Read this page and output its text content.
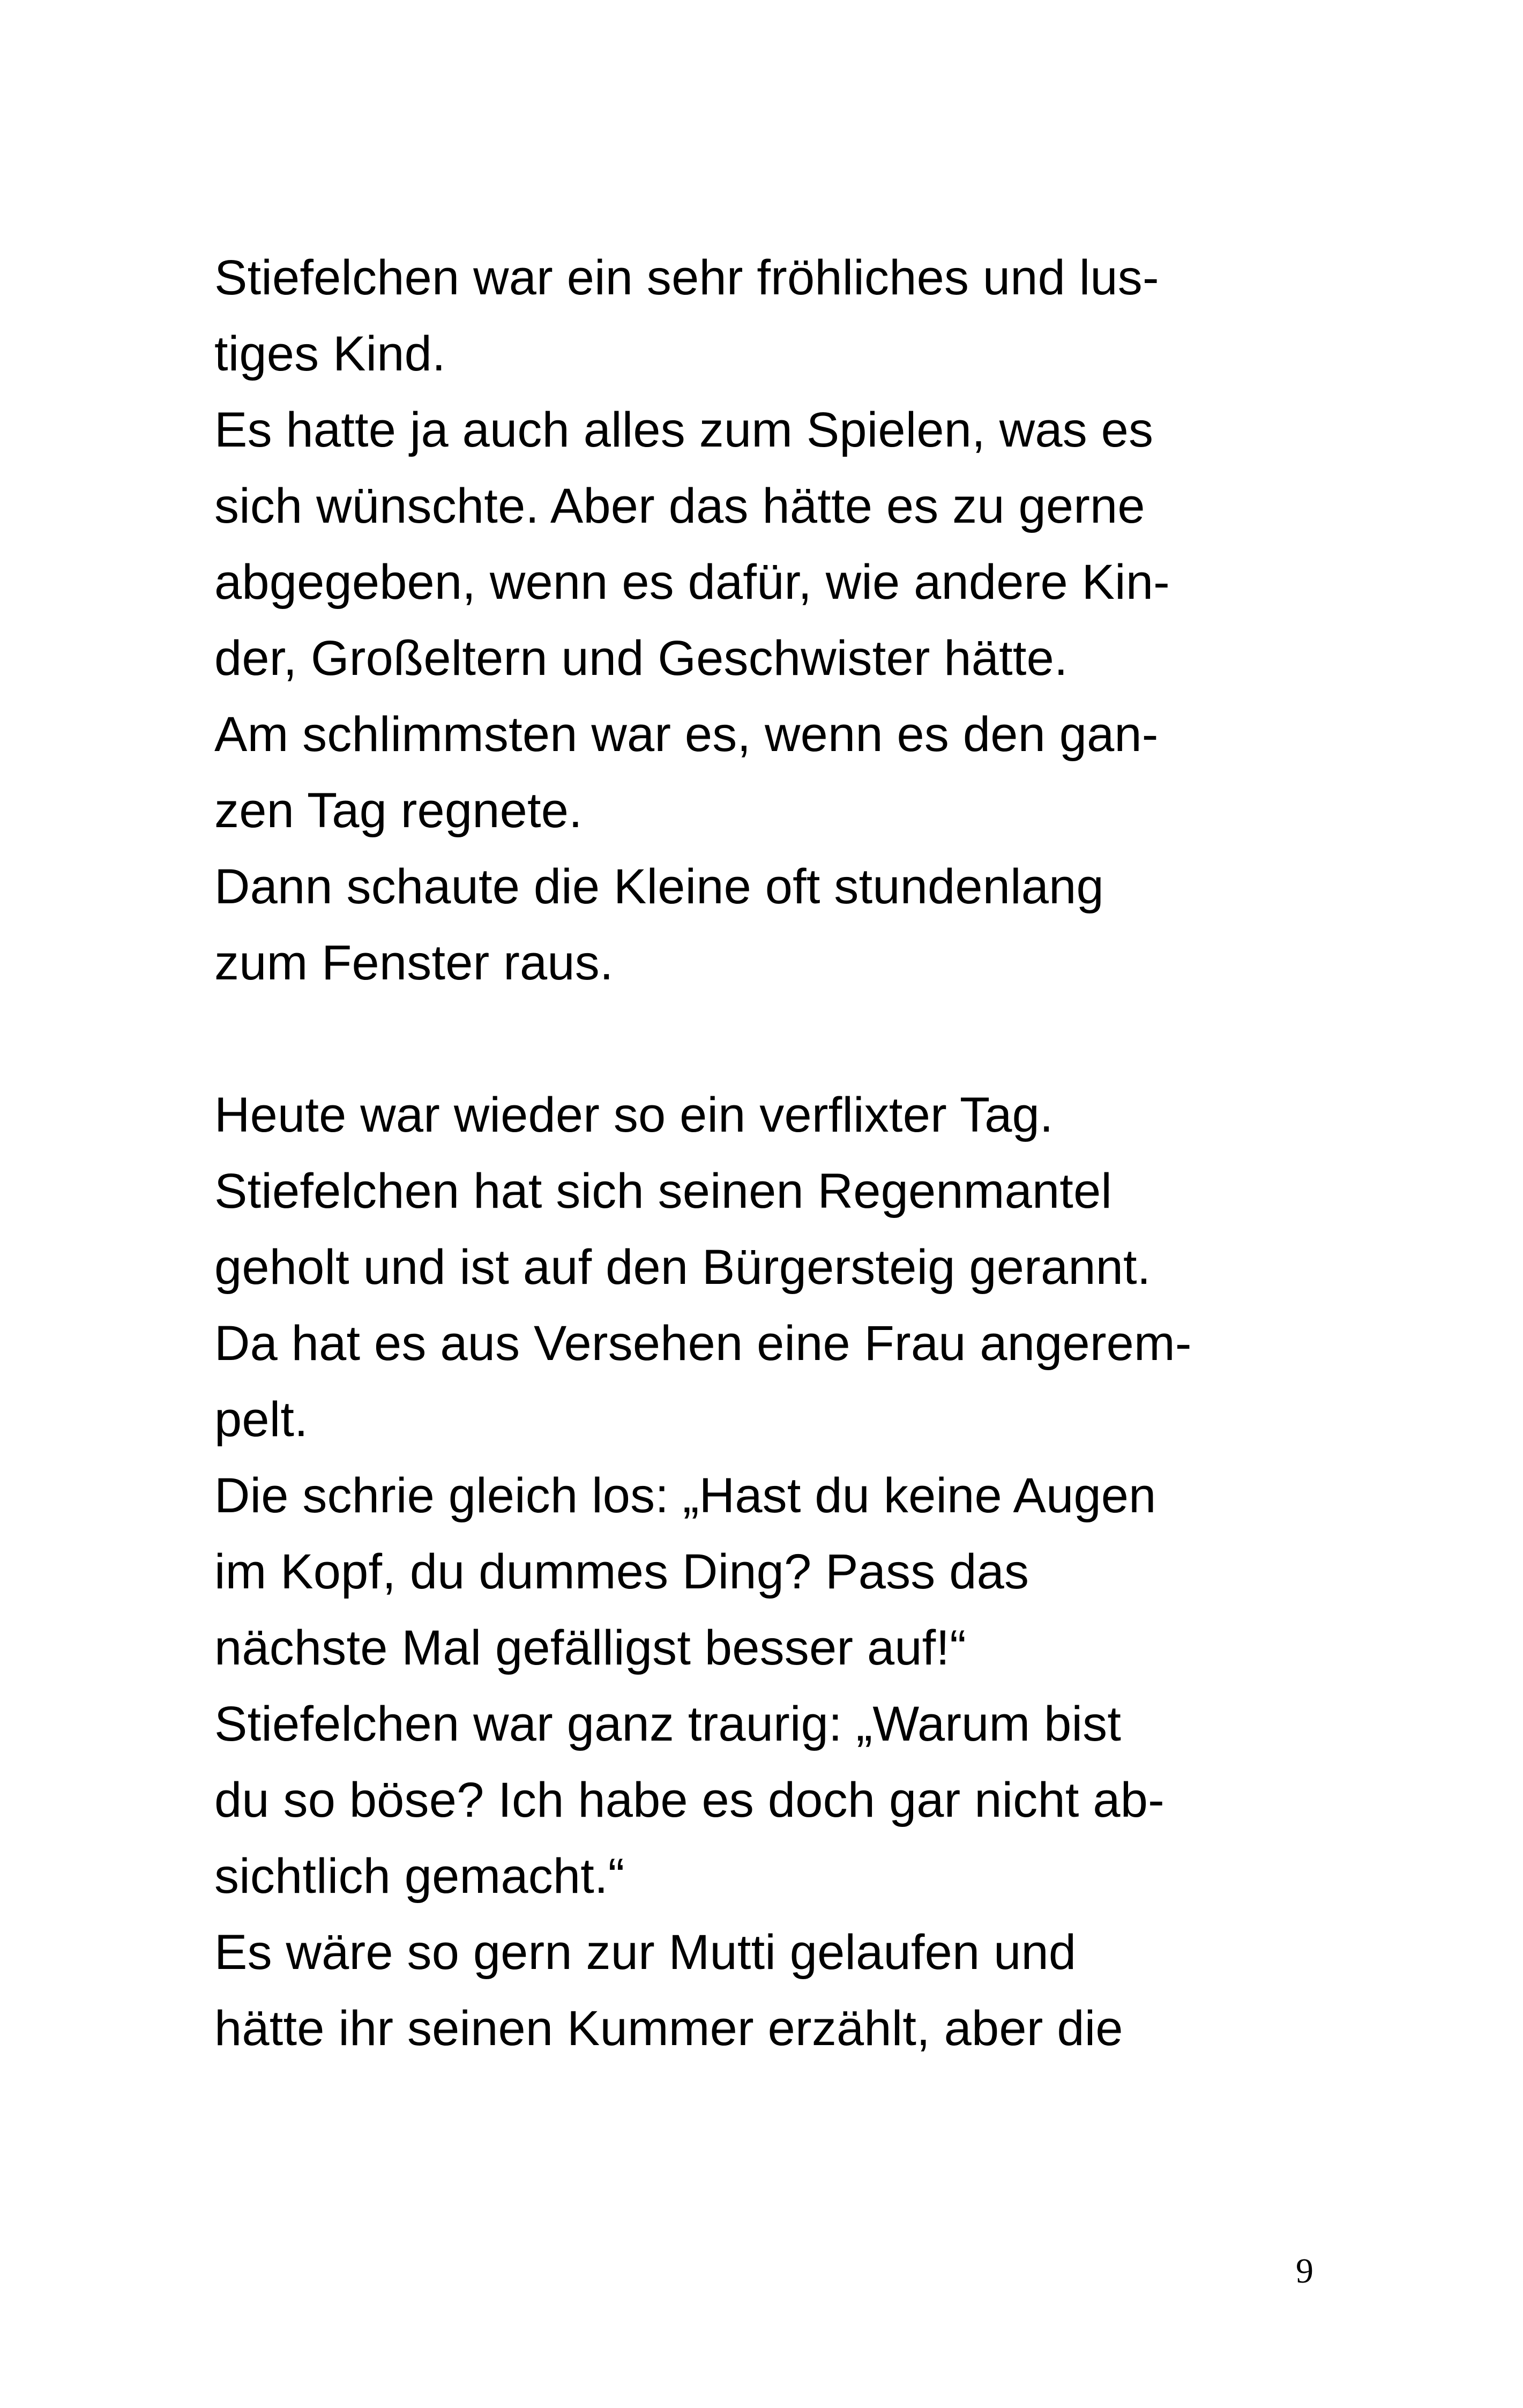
Stiefelchen war ein sehr fröhliches und lus-
tiges Kind.
Es hatte ja auch alles zum Spielen, was es
sich wünschte. Aber das hätte es zu gerne
abgegeben, wenn es dafür, wie andere Kin-
der, Großeltern und Geschwister hätte.
Am schlimmsten war es, wenn es den gan-
zen Tag regnete.
Dann schaute die Kleine oft stundenlang
zum Fenster raus.
Heute war wieder so ein verflixter Tag.
Stiefelchen hat sich seinen Regenmantel
geholt und ist auf den Bürgersteig gerannt.
Da hat es aus Versehen eine Frau angerem-
pelt.
Die schrie gleich los: „Hast du keine Augen
im Kopf, du dummes Ding? Pass das
nächste Mal gefälligst besser auf!“
Stiefelchen war ganz traurig: „Warum bist
du so böse? Ich habe es doch gar nicht ab-
sichtlich gemacht.“
Es wäre so gern zur Mutti gelaufen und
hätte ihr seinen Kummer erzählt, aber die
9
